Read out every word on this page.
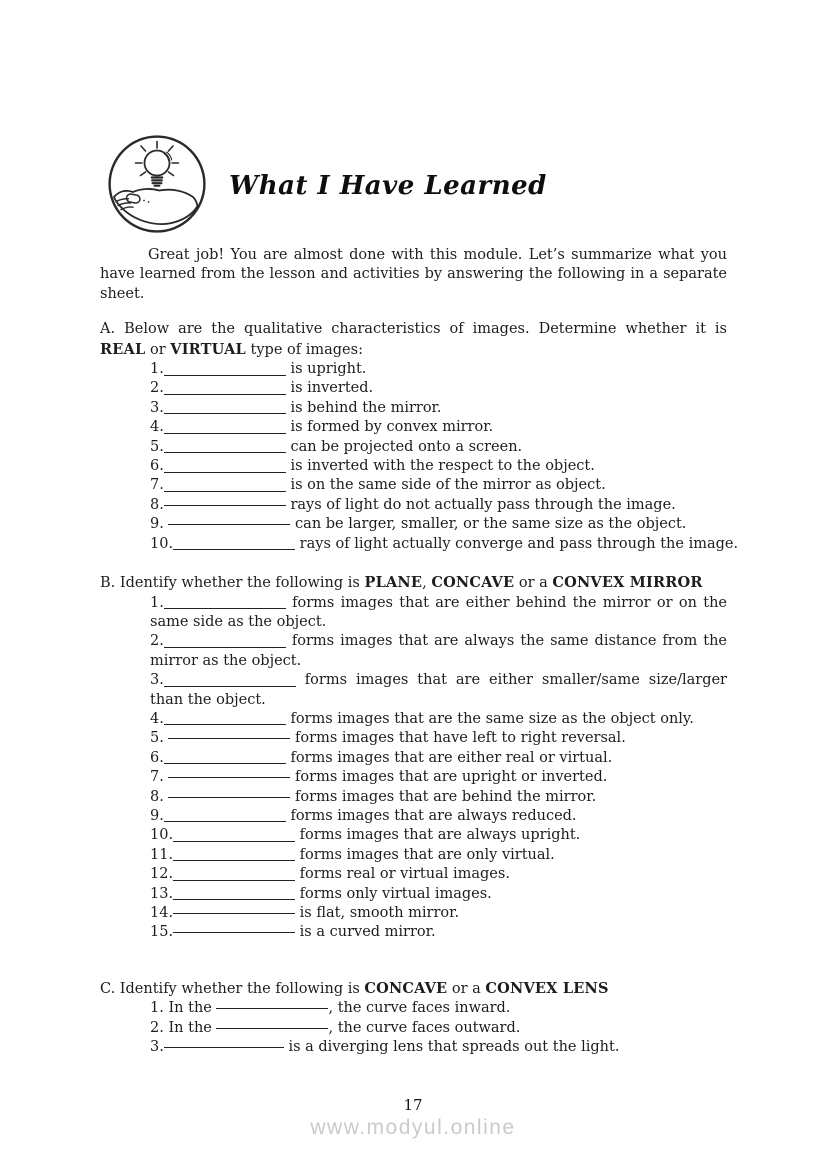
What I Have Learned
Great job! You are almost done with this module. Let’s summarize what you
have learned from the lesson and activities by answering the following in a separate
sheet.

A. Below are the qualitative characteristics of images. Determine whether it is REAL or VIRTUAL type of images:

1.	is upright.
2.	is inverted.
3.	is behind the mirror.
4.	is formed by convex mirror.
5.	can be projected onto a screen.
6.	is inverted with the respect to the object.
7.	is on the same side of the mirror as object.
8.	rays of light do not actually pass through the image.
9.	can be larger, smaller, or the same size as the object.
10.	rays of light actually converge and pass through the image.

B. Identify whether the following is PLANE, CONCAVE or a CONVEX MIRROR

1.	forms images that are either behind the mirror or on the same side as the object.
2.	forms images that are always the same distance from the mirror as the object.
3.	forms images that are either smaller/same size/larger than the object.
4.	forms images that are the same size as the object only.
5.	forms images that have left to right reversal.
6.	forms images that are either real or virtual.
7.	forms images that are upright or inverted.
8.	forms images that are behind the mirror.
9.	forms images that are always reduced.
10.	forms images that are always upright.
11.	forms images that are only virtual.
12.	forms real or virtual images.
13.	forms only virtual images.
14.	is flat, smooth mirror.
15.	is a curved mirror.

C. Identify whether the following is CONCAVE or a CONVEX LENS

1. In the	, the curve faces inward.
2. In the	, the curve faces outward.
3.	is a diverging lens that spreads out the light.
17
www.modyul.online
